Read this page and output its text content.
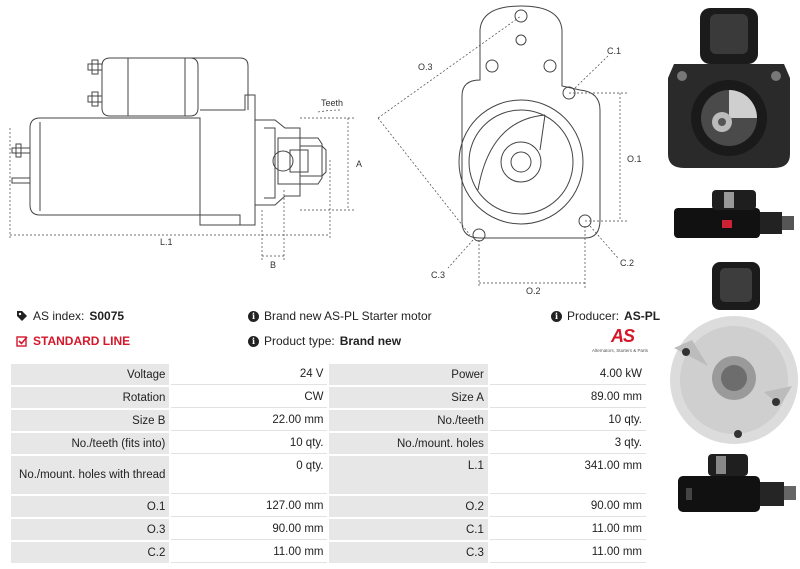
Teeth
A
B
L.1
O.3
C.1
O.1
C.3
C.2
O.2
AS index: S0075
STANDARD LINE
i Brand new AS-PL Starter motor
i Product type: Brand new
i Producer: AS-PL
AS
Alternators, Starters & Parts
Voltage	24 V	Power	4.00 kW
Rotation	CW	Size A	89.00 mm
Size B	22.00 mm	No./teeth	10 qty.
No./teeth (fits into)	10 qty.	No./mount. holes	3 qty.
No./mount. holes with thread	0 qty.	L.1	341.00 mm
O.1	127.00 mm	O.2	90.00 mm
O.3	90.00 mm	C.1	11.00 mm
C.2	11.00 mm	C.3	11.00 mm
